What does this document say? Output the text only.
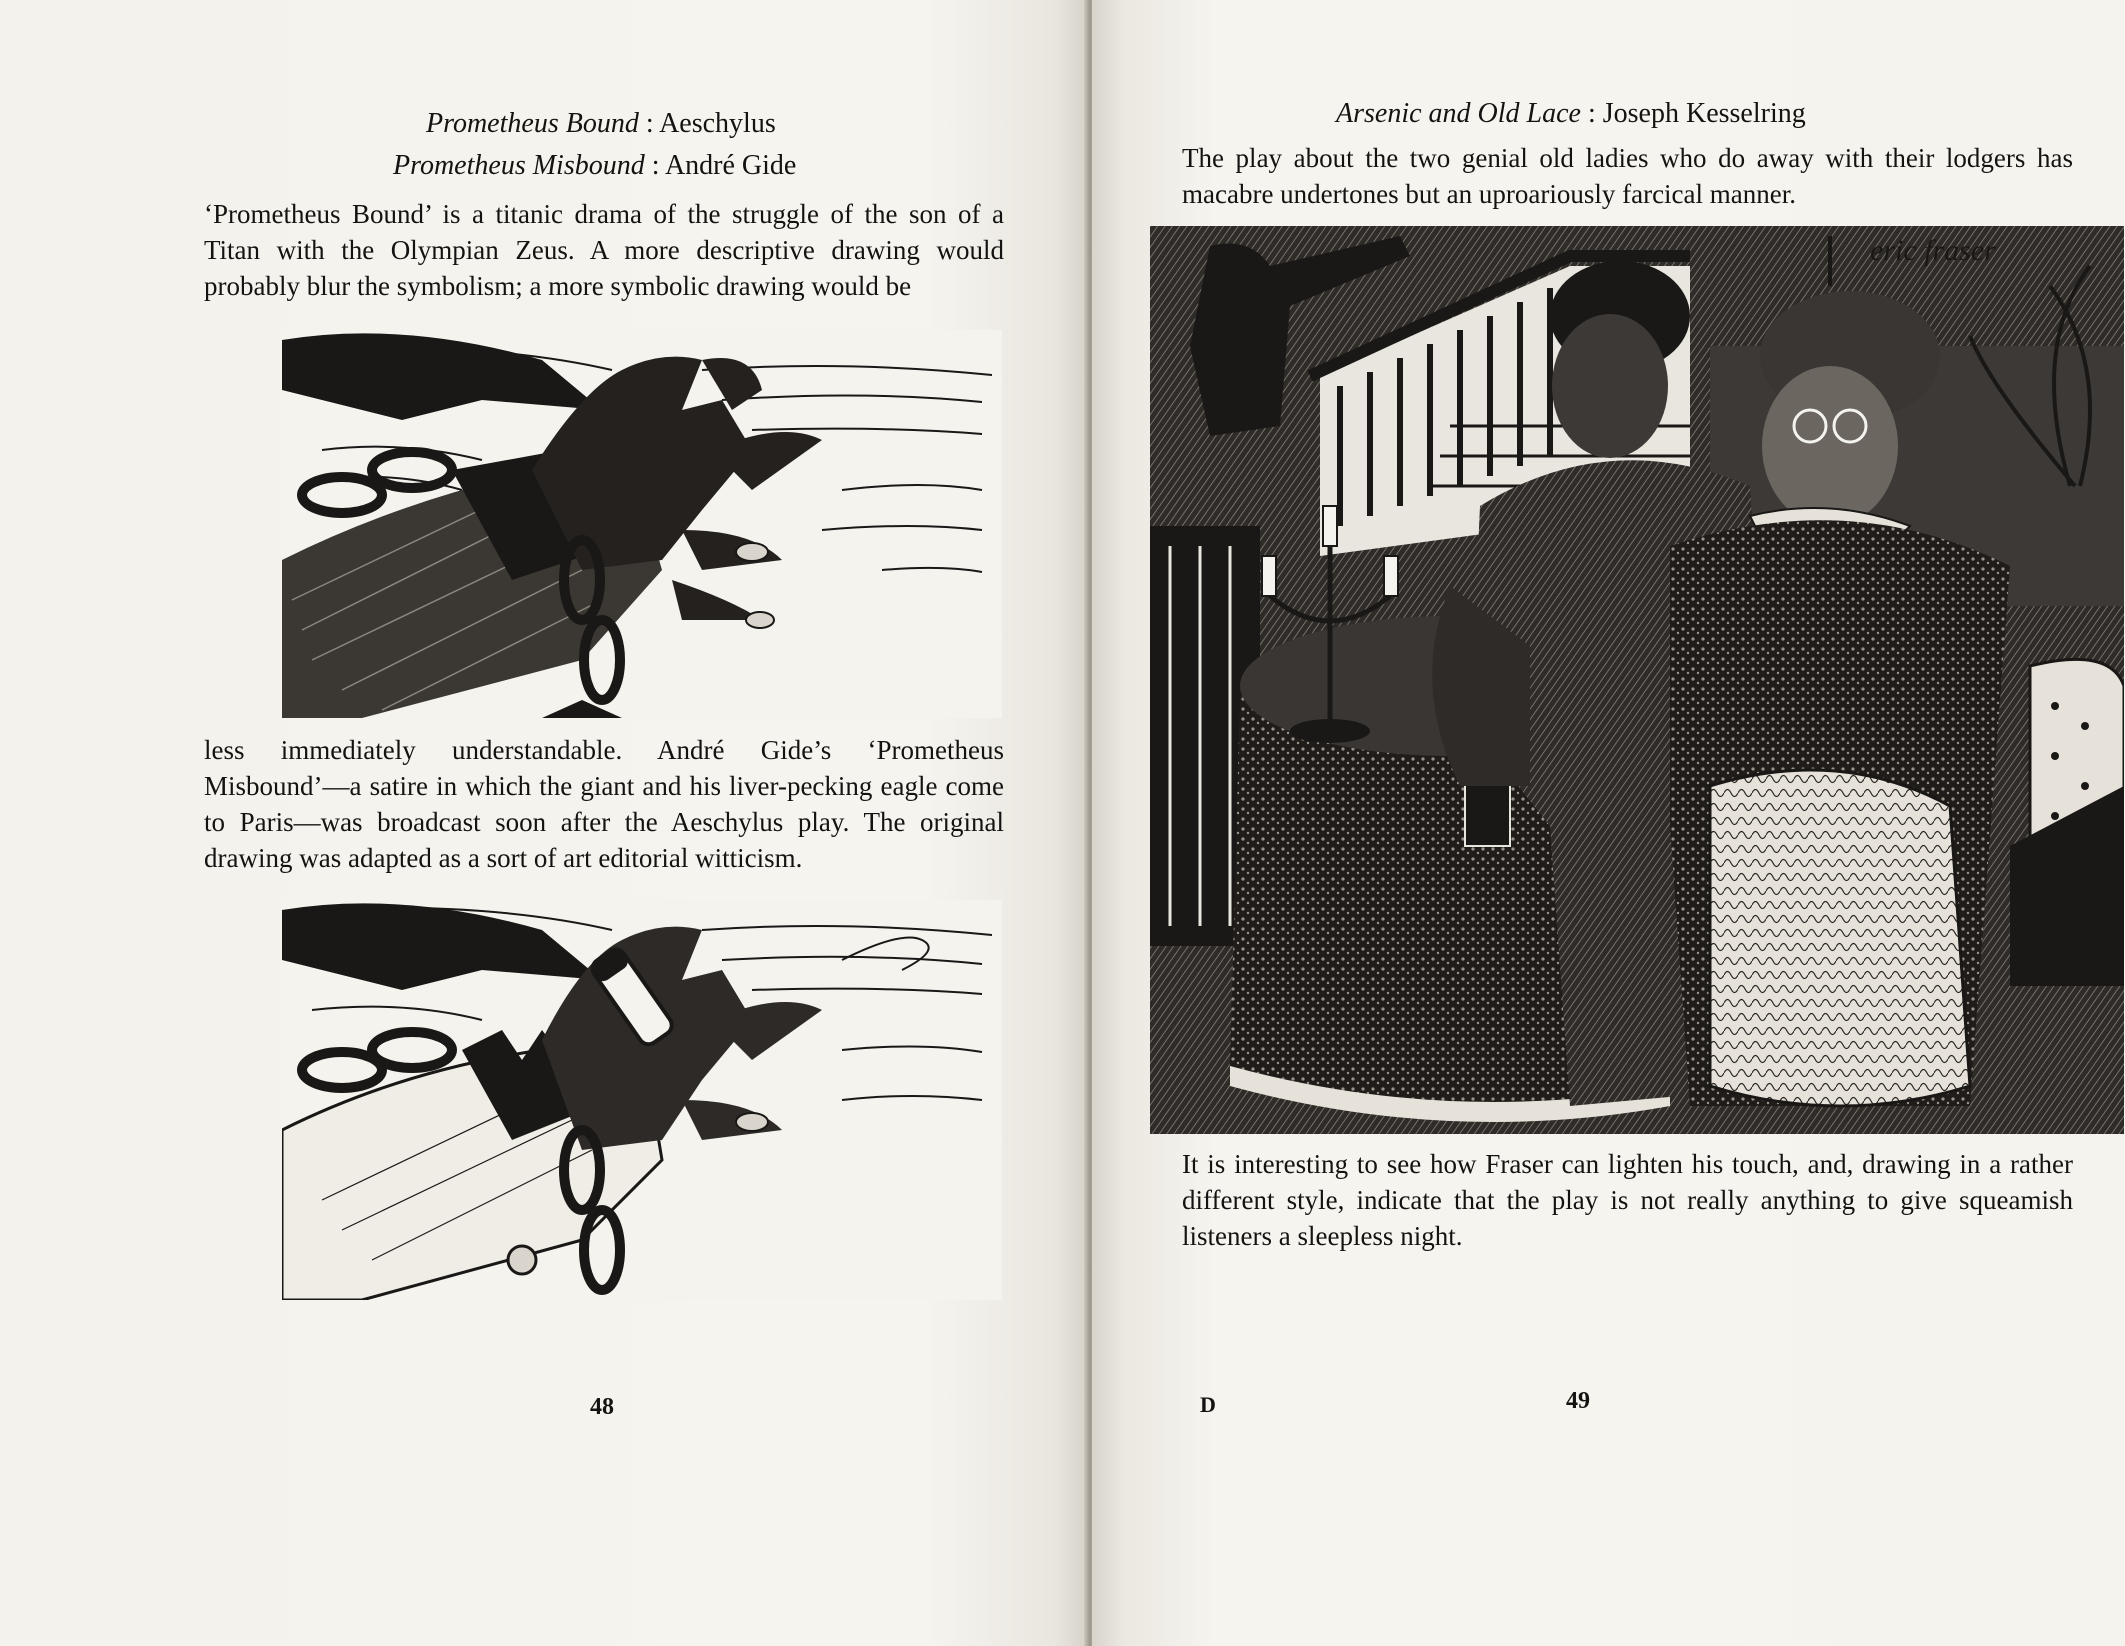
Prometheus Bound : Aeschylus
Prometheus Misbound : André Gide
‘Prometheus Bound’ is a titanic drama of the struggle of the son of a Titan with the Olympian Zeus. A more descriptive drawing would probably blur the symbolism; a more symbolic drawing would be
less immediately understandable. André Gide’s ‘Prometheus Misbound’—a satire in which the giant and his liver-pecking eagle come to Paris—was broadcast soon after the Aeschylus play. The original drawing was adapted as a sort of art editorial witticism.
48
Arsenic and Old Lace : Joseph Kesselring
The play about the two genial old ladies who do away with their lodgers has macabre undertones but an uproariously farcical manner.
eric fraser
It is interesting to see how Fraser can lighten his touch, and, drawing in a rather different style, indicate that the play is not really anything to give squeamish listeners a sleepless night.
D	49
